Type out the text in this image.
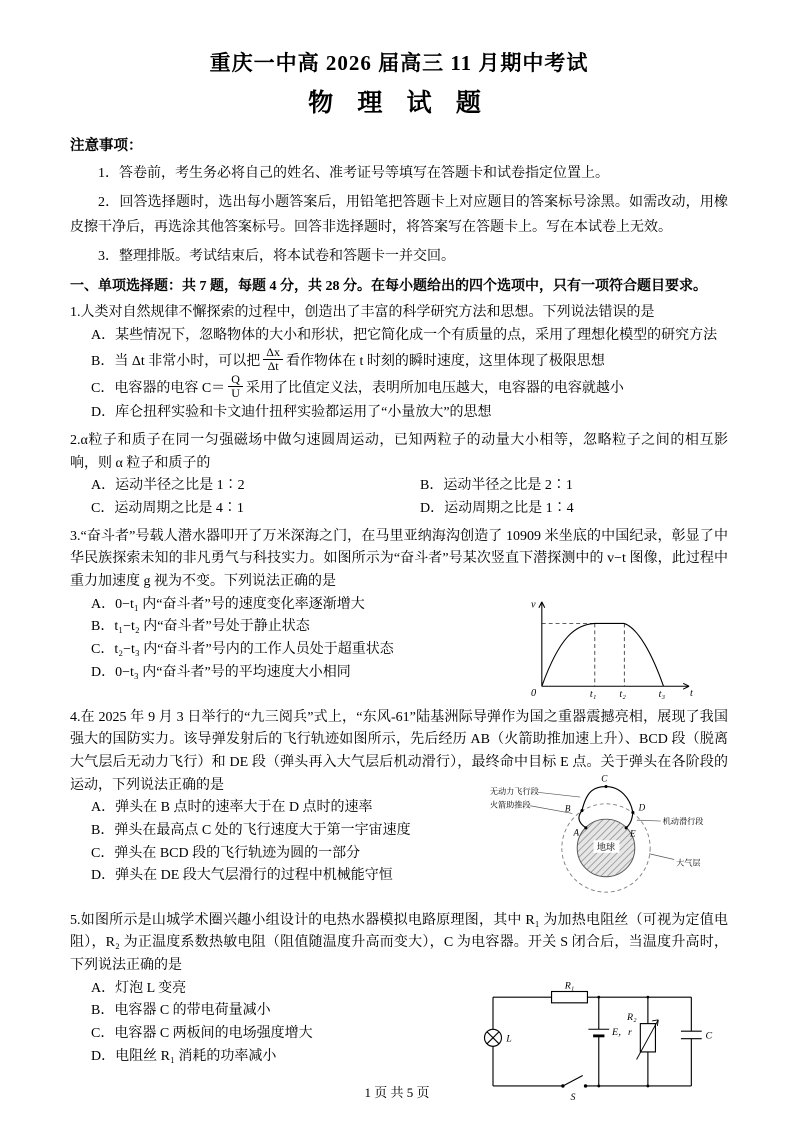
重庆一中高 2026 届高三 11 月期中考试
物 理 试 题
注意事项：

1．答卷前，考生务必将自己的姓名、准考证号等填写在答题卡和试卷指定位置上。

2．回答选择题时，选出每小题答案后，用铅笔把答题卡上对应题目的答案标号涂黑。如需改动，用橡皮擦干净后，再选涂其他答案标号。回答非选择题时，将答案写在答题卡上。写在本试卷上无效。

3．整理排版。考试结束后，将本试卷和答题卡一并交回。

一、单项选择题：共 7 题，每题 4 分，共 28 分。在每小题给出的四个选项中，只有一项符合题目要求。

1.人类对自然规律不懈探索的过程中，创造出了丰富的科学研究方法和思想。下列说法错误的是

A．某些情况下，忽略物体的大小和形状，把它简化成一个有质量的点，采用了理想化模型的研究方法
B．当 Δt 非常小时，可以把 $\frac{\Delta x}{\Delta t}$ 看作物体在 t 时刻的瞬时速度，这里体现了极限思想
C．电容器的电容 $C= \frac{Q}{U}$ 采用了比值定义法，表明所加电压越大，电容器的电容就越小
D．库仑扭秤实验和卡文迪什扭秤实验都运用了“小量放大”的思想

2.α粒子和质子在同一匀强磁场中做匀速圆周运动，已知两粒子的动量大小相等，忽略粒子之间的相互影响，则 α 粒子和质子的

A．运动半径之比是 1∶2	B．运动半径之比是 2∶1
C．运动周期之比是 4∶1	D．运动周期之比是 1∶4

3.“奋斗者”号载人潜水器叩开了万米深海之门，在马里亚纳海沟创造了 10909 米坐底的中国纪录，彰显了中华民族探索未知的非凡勇气与科技实力。如图所示为“奋斗者”号某次竖直下潜探测中的 v−t 图像，此过程中重力加速度 g 视为不变。下列说法正确的是

A．0−t₁ 内“奋斗者”号的速度变化率逐渐增大
B．t₁−t₂ 内“奋斗者”号处于静止状态
C．t₂−t₃ 内“奋斗者”号内的工作人员处于超重状态
D．0−t₃ 内“奋斗者”号的平均速度大小相同
v
t
0	t₁ t₂	t₃

4.在 2025 年 9 月 3 日举行的“九三阅兵”式上，“东风-61”陆基洲际导弹作为国之重器震撼亮相，展现了我国强大的国防实力。该导弹发射后的飞行轨迹如图所示，先后经历 AB（火箭助推加速上升）、BCD 段（脱离大气层后无动力飞行）和 DE 段（弹头再入大气层后机动滑行），最终命中目标 E 点。关于弹头在各阶段的运动，下列说法正确的是

A．弹头在 B 点时的速率大于在 D 点时的速率
B．弹头在最高点 C 处的飞行速度大于第一宇宙速度
C．弹头在 BCD 段的飞行轨迹为圆的一部分
D．弹头在 DE 段大气层滑行的过程中机械能守恒
无动力飞行段
火箭助推段
机动滑行段
大气层
C
B
A
D
E
地球

5.如图所示是山城学术圈兴趣小组设计的电热水器模拟电路原理图，其中 R₁ 为加热电阻丝（可视为定值电阻），R₂ 为正温度系数热敏电阻（阻值随温度升高而变大），C 为电容器。开关 S 闭合后，当温度升高时，下列说法正确的是

A．灯泡 L 变亮
B．电容器 C 的带电荷量减小
C．电容器 C 两板间的电场强度增大
D．电阻丝 R₁ 消耗的功率减小
R₁
L
E，r
R₂
C
S
1 页 共 5 页
